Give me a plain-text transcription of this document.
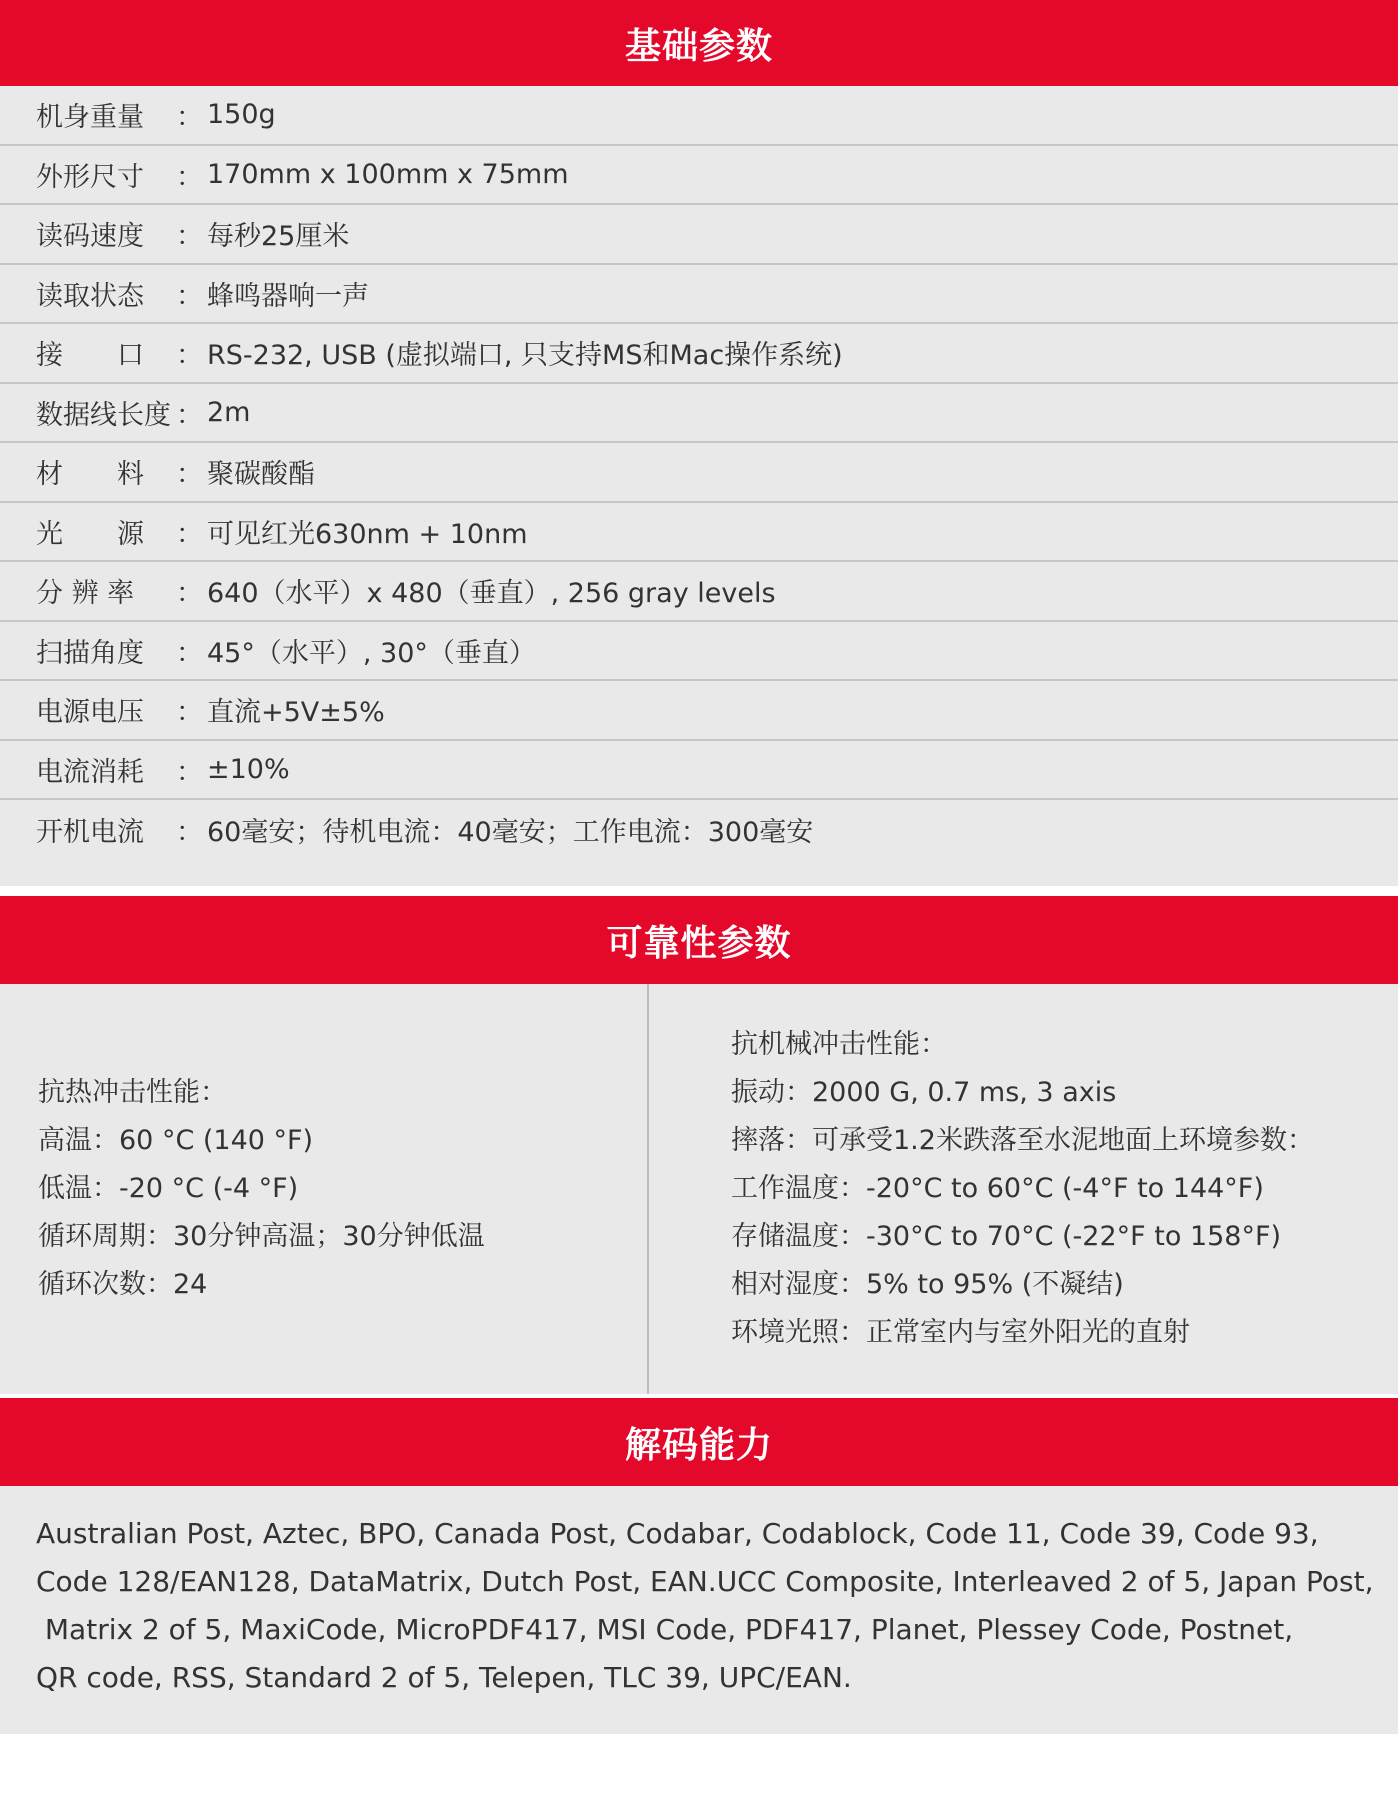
基础参数
机身重量	： 150g
外形尺寸	： 170mm x 100mm x 75mm
读码速度	： 每秒25厘米
读取状态	： 蜂鸣器响一声
接　　口	： RS-232, USB (虚拟端口, 只支持MS和Mac操作系统)
数据线长度 ： 2m
材　　料	： 聚碳酸酯
光　　源	： 可见红光630nm + 10nm
分 辨 率	： 640（水平）x 480（垂直）, 256 gray levels
扫描角度	： 45°（水平）, 30°（垂直）
电源电压	： 直流+5V±5%
电流消耗	： ±10%
开机电流	： 60毫安；待机电流：40毫安；工作电流：300毫安
可靠性参数
抗热冲击性能：
高温：60 °C (140 °F)
低温：-20 °C (-4 °F)
循环周期：30分钟高温；30分钟低温
循环次数：24
抗机械冲击性能：
振动：2000 G, 0.7 ms, 3 axis
摔落：可承受1.2米跌落至水泥地面上环境参数：
工作温度：-20°C to 60°C (-4°F to 144°F)
存储温度：-30°C to 70°C (-22°F to 158°F)
相对湿度：5% to 95% (不凝结)
环境光照：正常室内与室外阳光的直射
解码能力
Australian Post, Aztec, BPO, Canada Post, Codabar, Codablock, Code 11, Code 39, Code 93,
Code 128/EAN128, DataMatrix, Dutch Post, EAN.UCC Composite, Interleaved 2 of 5, Japan Post,
Matrix 2 of 5, MaxiCode, MicroPDF417, MSI Code, PDF417, Planet, Plessey Code, Postnet,
QR code, RSS, Standard 2 of 5, Telepen, TLC 39, UPC/EAN.
